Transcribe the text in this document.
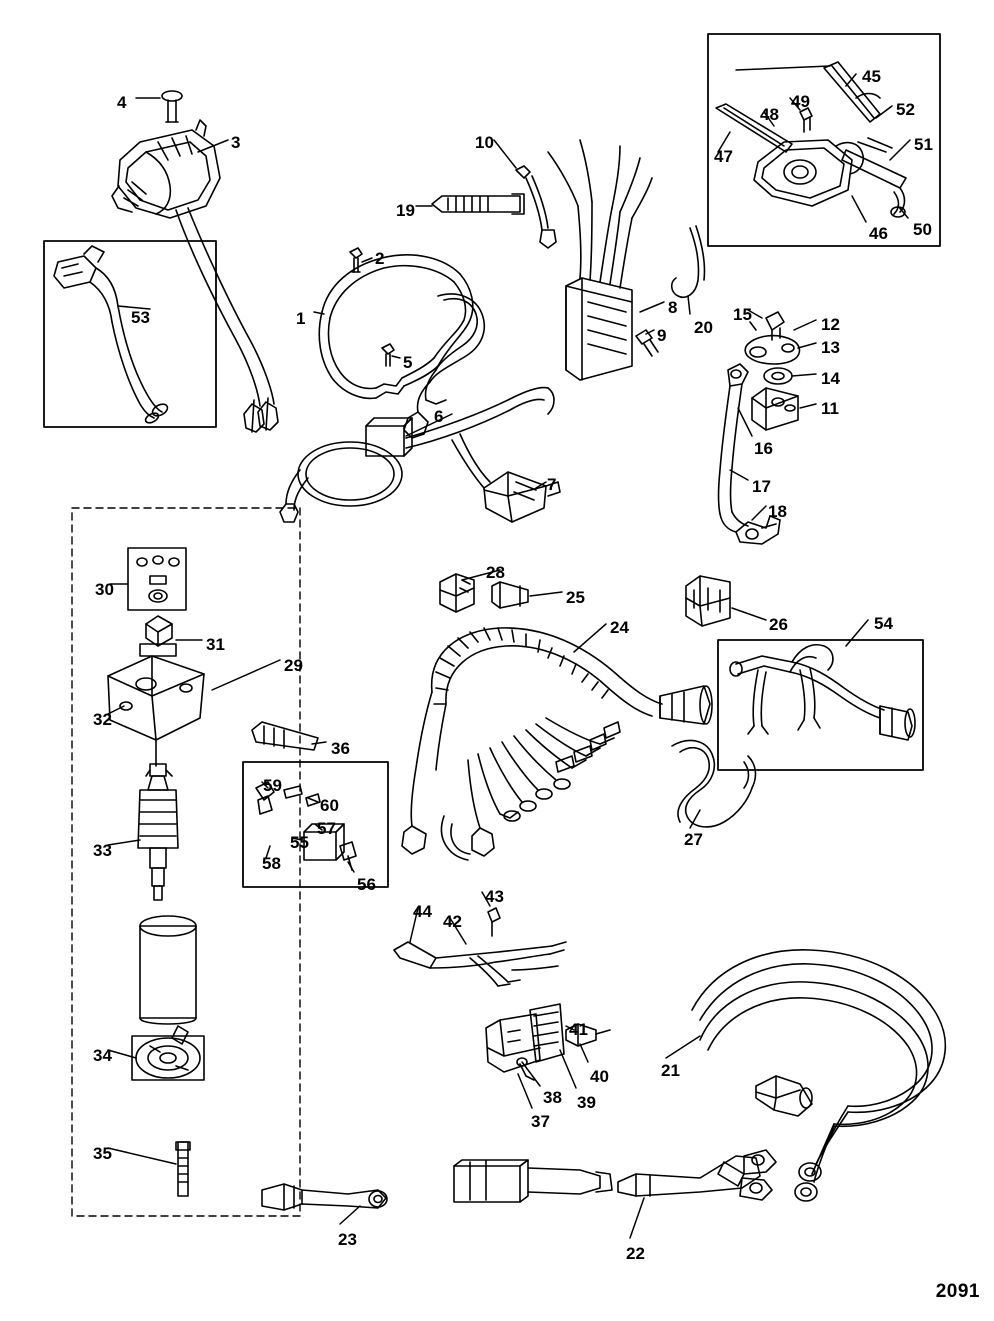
4
3	10
45
49
48	52
51
47
50
46
19
2
53	1
8
20
15
12
13
9
5
14
11
6
16
7	17
18
28
25
24	26	54
30
31
29
32
36
59
60
57
55
58
56
33
27
44
43
42
41
40
39
38
37
34
21
35
23
22
2091
